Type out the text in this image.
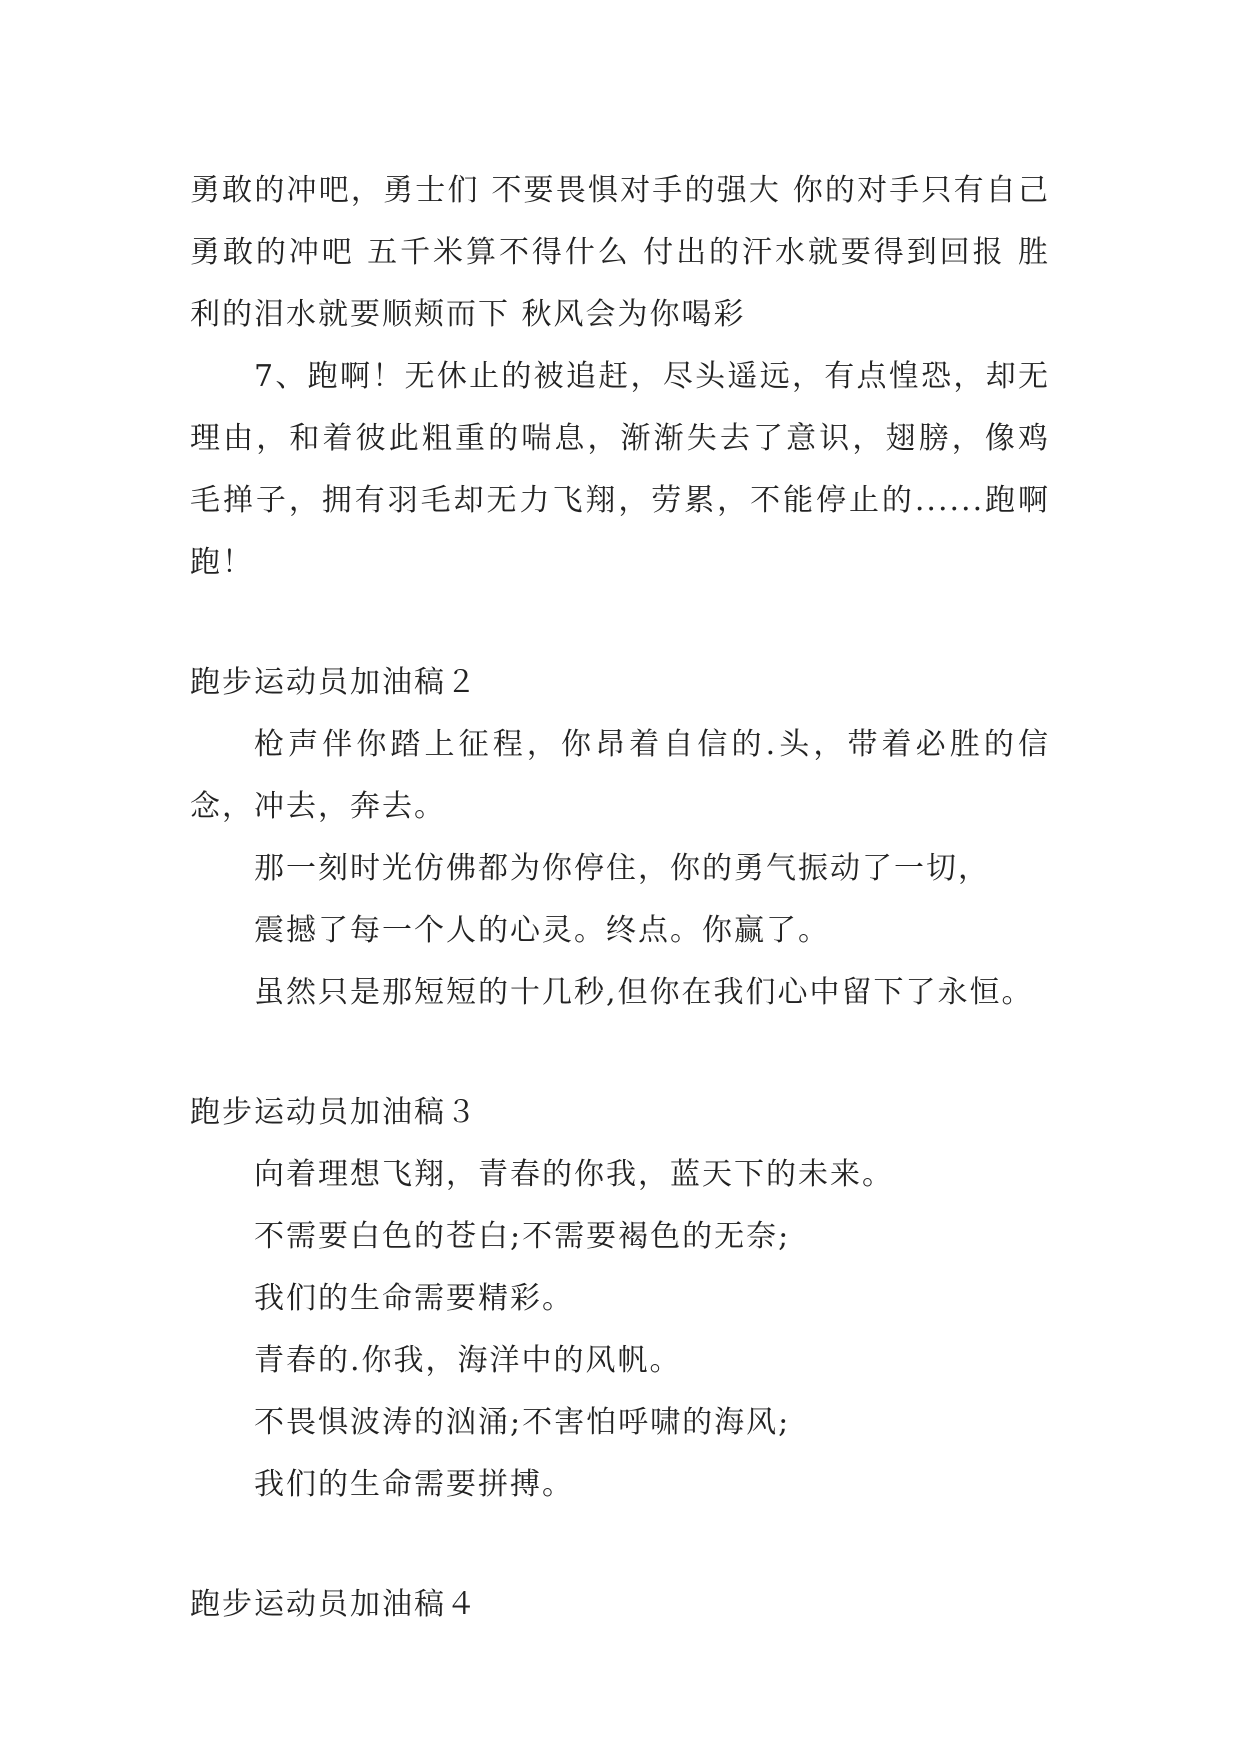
勇敢的冲吧，勇士们 不要畏惧对手的强大 你的对手只有自己 勇敢的冲吧 五千米算不得什么 付出的汗水就要得到回报 胜利的泪水就要顺颊而下 秋风会为你喝彩

7、跑啊！无休止的被追赶，尽头遥远，有点惶恐，却无理由，和着彼此粗重的喘息，渐渐失去了意识，翅膀，像鸡毛掸子，拥有羽毛却无力飞翔，劳累，不能停止的......跑啊跑！

跑步运动员加油稿２

枪声伴你踏上征程，你昂着自信的.头，带着必胜的信念，冲去，奔去。

那一刻时光仿佛都为你停住，你的勇气振动了一切，

震撼了每一个人的心灵。终点。你赢了。

虽然只是那短短的十几秒,但你在我们心中留下了永恒。

跑步运动员加油稿３

向着理想飞翔，青春的你我，蓝天下的未来。

不需要白色的苍白;不需要褐色的无奈;

我们的生命需要精彩。

青春的.你我，海洋中的风帆。

不畏惧波涛的汹涌;不害怕呼啸的海风;

我们的生命需要拼搏。

跑步运动员加油稿４
